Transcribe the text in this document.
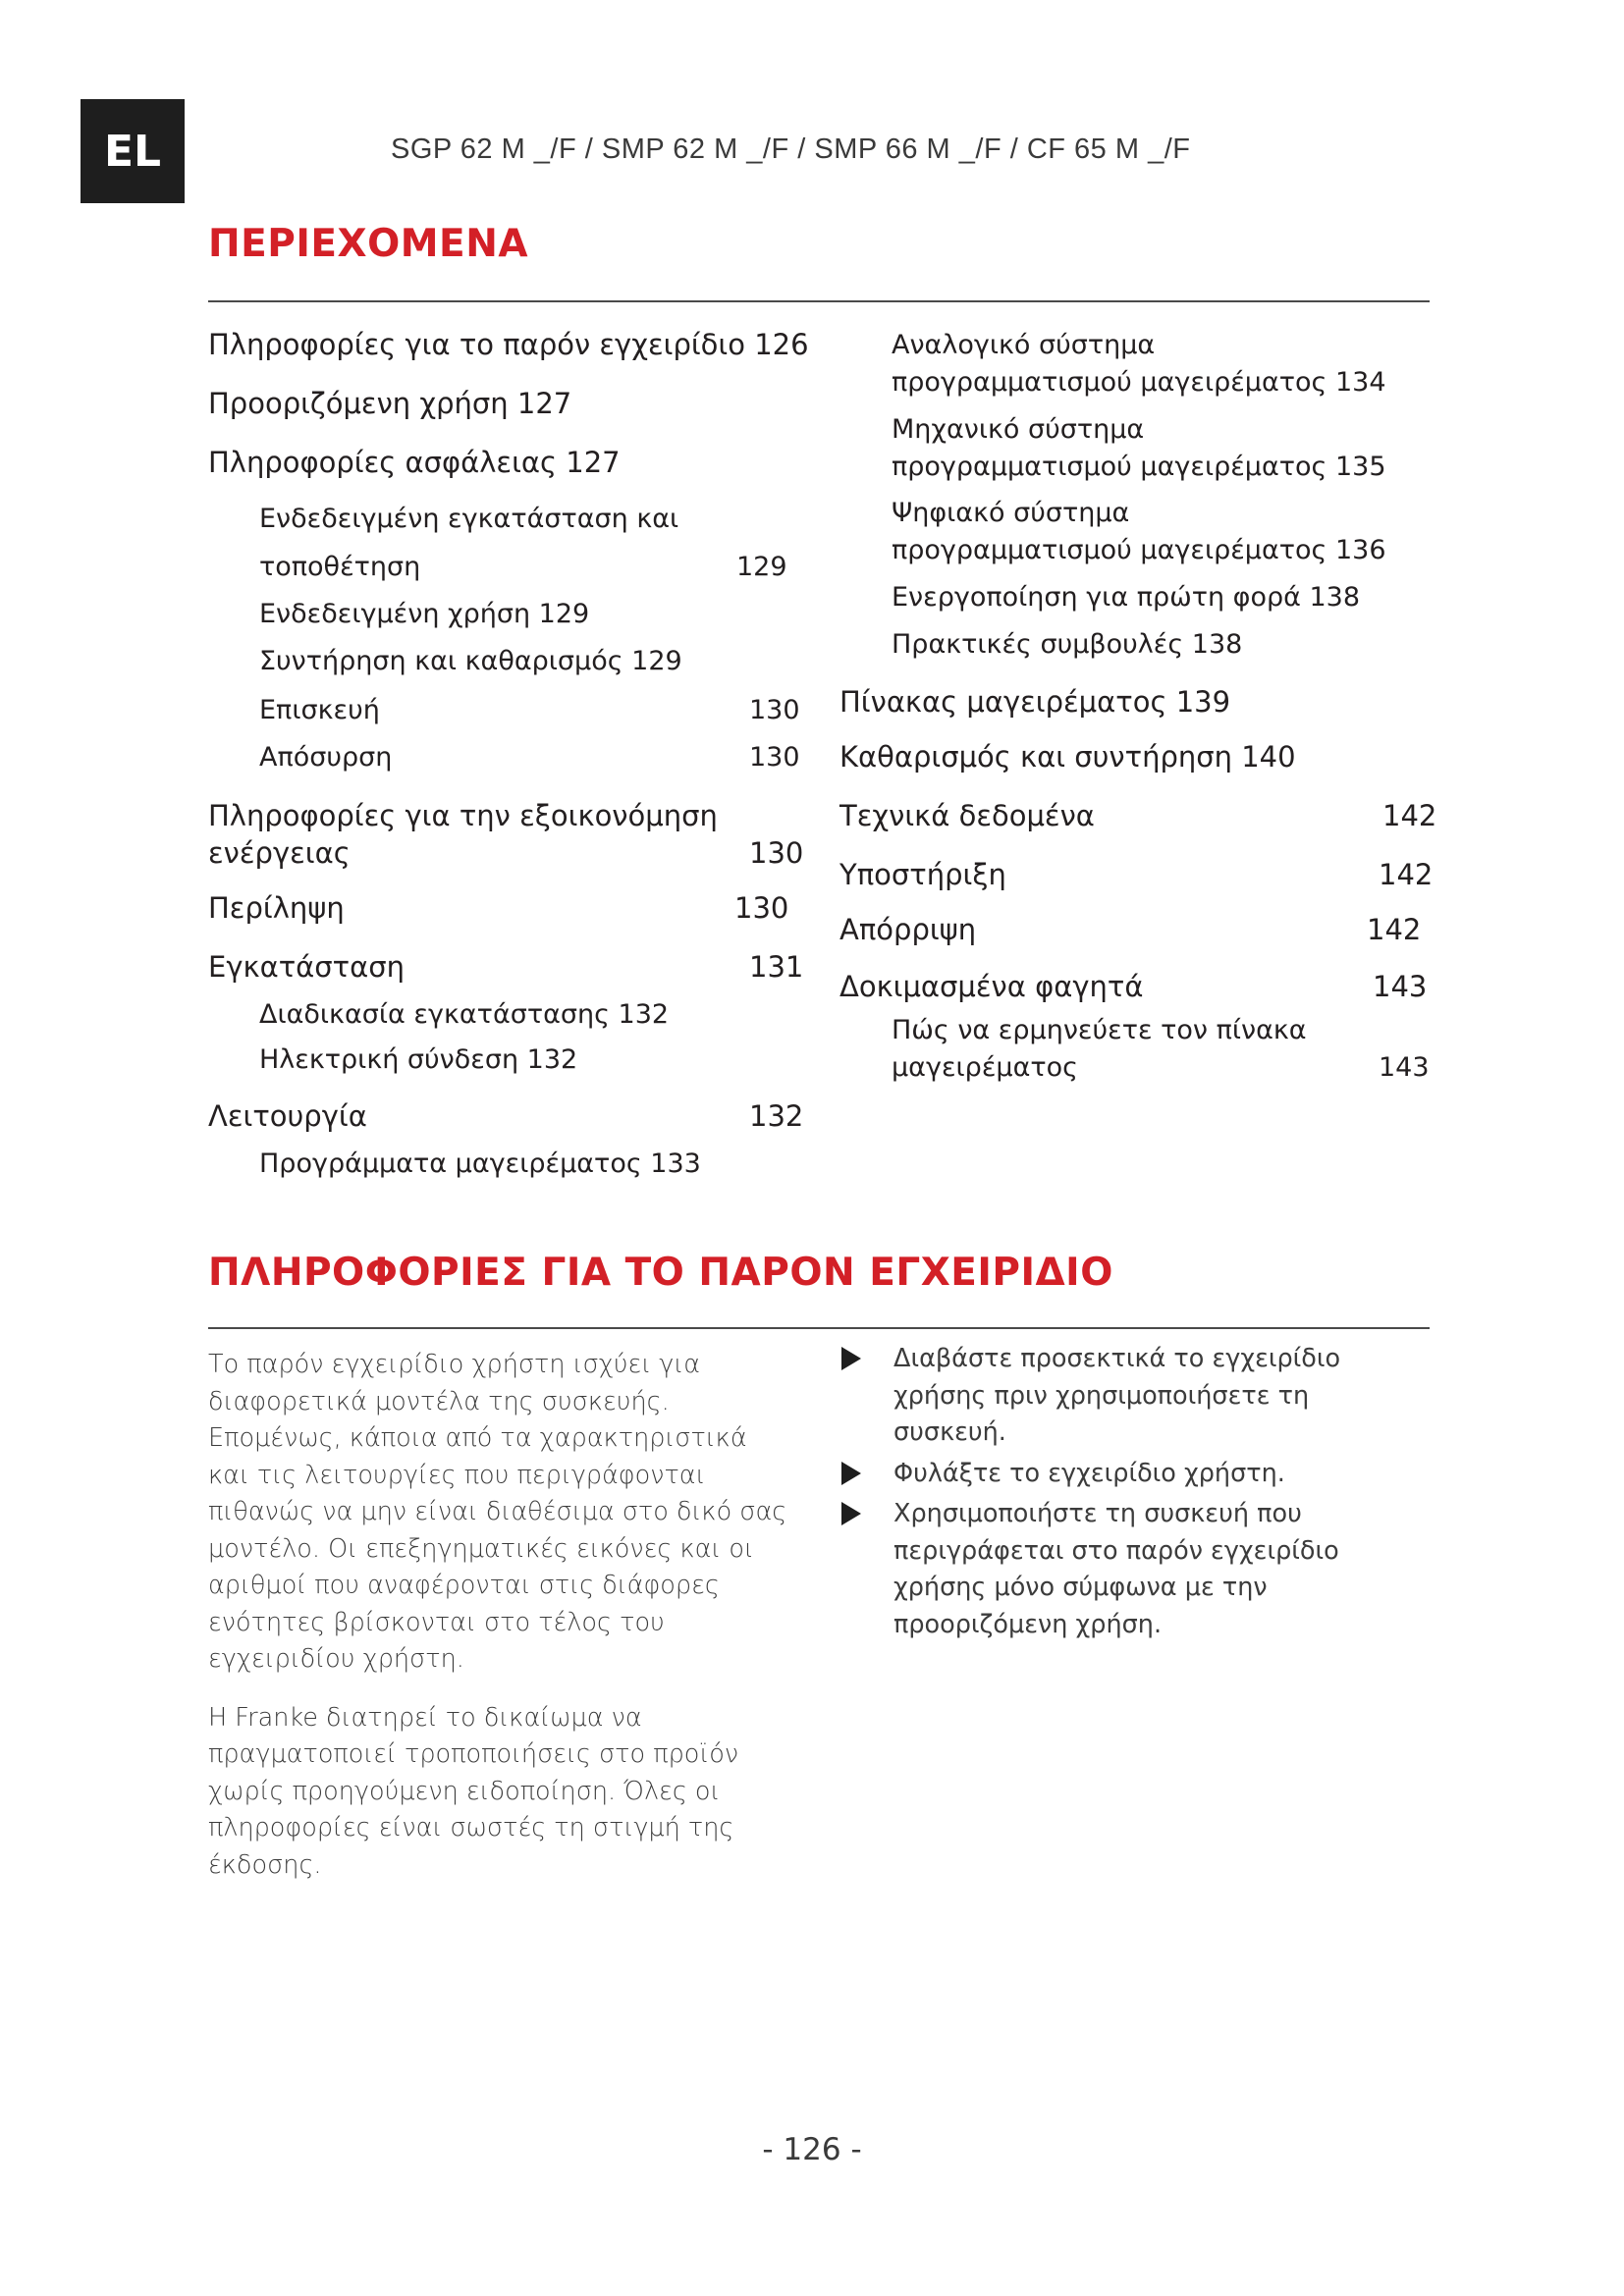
EL	SGP 62 M _/F / SMP 62 M _/F / SMP 66 M _/F / CF 65 M _/F
ΠΕΡΙΕΧΟΜΕΝΑ
Πληροφορίες για το παρόν εγχειρίδιο 126
Προοριζόμενη χρήση 127
Πληροφορίες ασφάλειας 127
Ενδεδειγμένη εγκατάσταση και
τοποθέτηση	129
Ενδεδειγμένη χρήση 129
Συντήρηση και καθαρισμός 129
Επισκευή	130
Απόσυρση	130
Πληροφορίες για την εξοικονόμηση
ενέργειας	130
Περίληψη	130
Εγκατάσταση	131
Διαδικασία εγκατάστασης 132
Ηλεκτρική σύνδεση 132
Λειτουργία	132
Προγράμματα μαγειρέματος 133
Αναλογικό σύστημα
προγραμματισμού μαγειρέματος 134
Μηχανικό σύστημα
προγραμματισμού μαγειρέματος 135
Ψηφιακό σύστημα
προγραμματισμού μαγειρέματος 136
Ενεργοποίηση για πρώτη φορά 138
Πρακτικές συμβουλές 138
Πίνακας μαγειρέματος 139
Καθαρισμός και συντήρηση 140
Τεχνικά δεδομένα	142
Υποστήριξη	142
Απόρριψη	142
Δοκιμασμένα φαγητά	143
Πώς να ερμηνεύετε τον πίνακα
μαγειρέματος	143
ΠΛΗΡΟΦΟΡΙΕΣ ΓΙΑ ΤΟ ΠΑΡΟΝ ΕΓΧΕΙΡΙΔΙΟ

Το παρόν εγχειρίδιο χρήστη ισχύει για διαφορετικά μοντέλα της συσκευής. Επομένως, κάποια από τα χαρακτηριστικά και τις λειτουργίες που περιγράφονται πιθανώς να μην είναι διαθέσιμα στο δικό σας μοντέλο. Οι επεξηγηματικές εικόνες και οι αριθμοί που αναφέρονται στις διάφορες ενότητες βρίσκονται στο τέλος του εγχειριδίου χρήστη.

Η Franke διατηρεί το δικαίωμα να πραγματοποιεί τροποποιήσεις στο προϊόν χωρίς προηγούμενη ειδοποίηση. Όλες οι πληροφορίες είναι σωστές τη στιγμή της έκδοσης.

Διαβάστε προσεκτικά το εγχειρίδιο χρήσης πριν χρησιμοποιήσετε τη συσκευή.
Φυλάξτε το εγχειρίδιο χρήστη.
Χρησιμοποιήστε τη συσκευή που περιγράφεται στο παρόν εγχειρίδιο χρήσης μόνο σύμφωνα με την προοριζόμενη χρήση.
- 126 -
